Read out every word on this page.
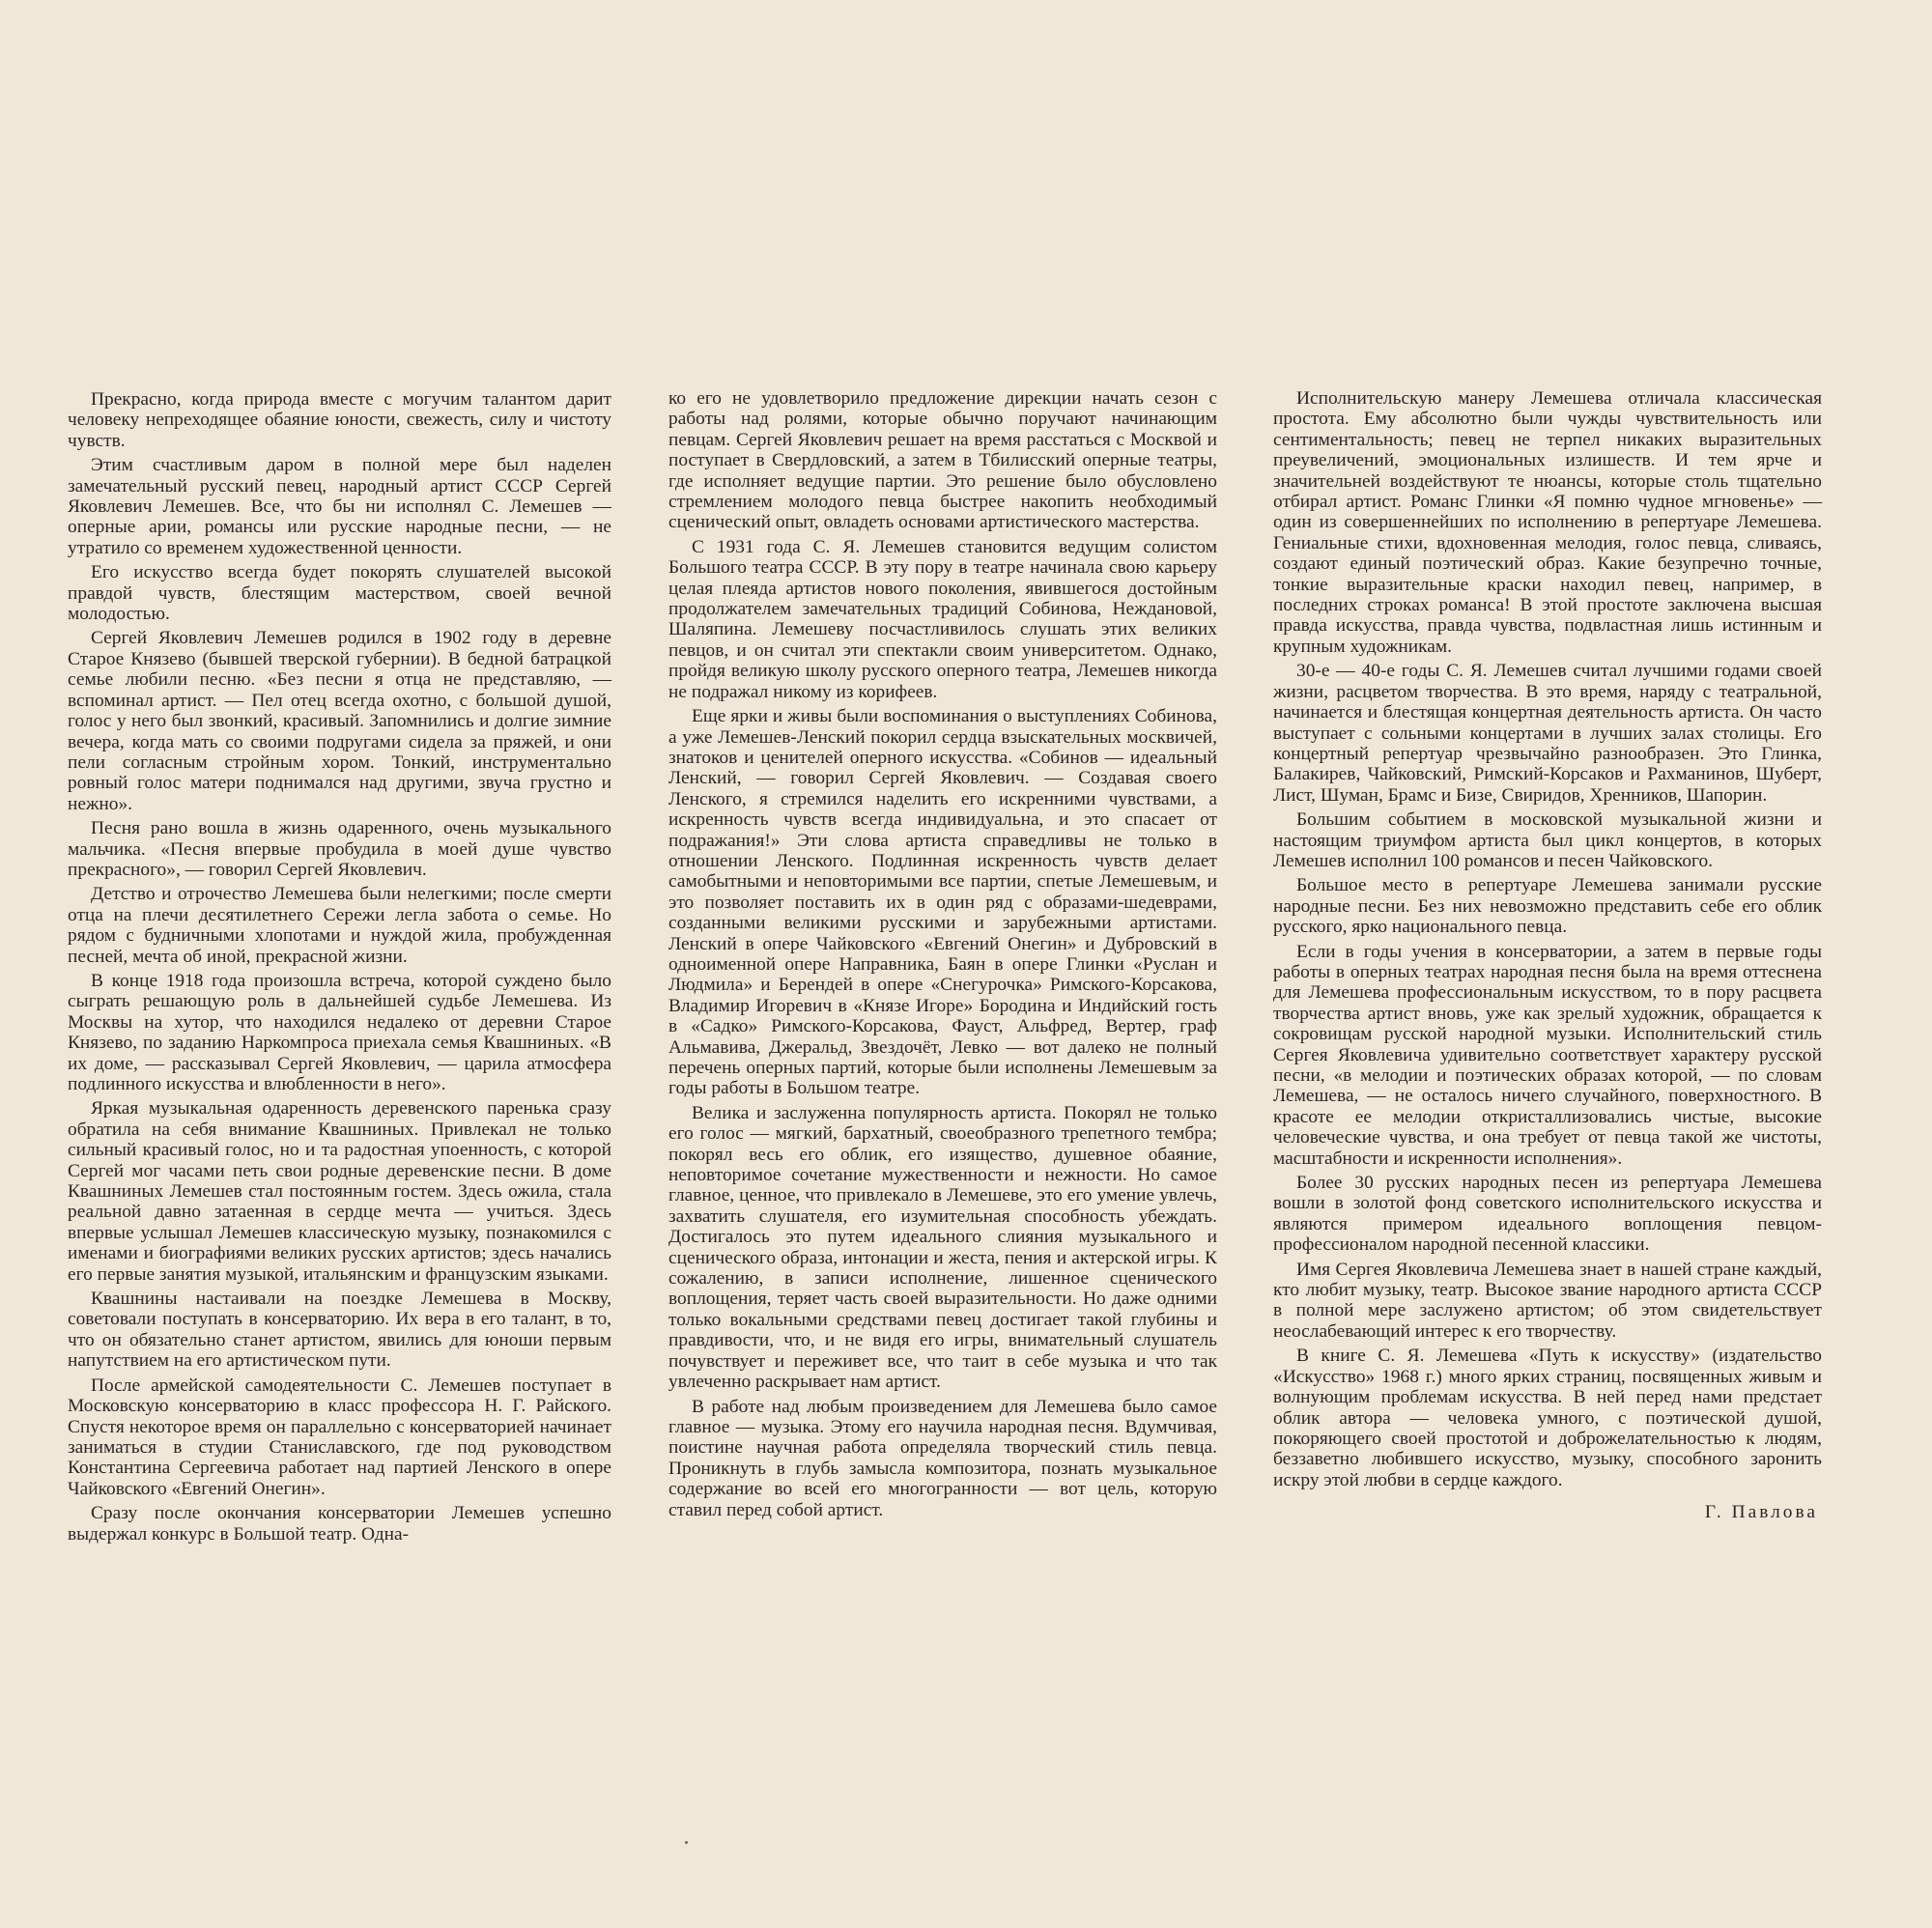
Прекрасно, когда природа вместе с могучим талантом дарит человеку непреходящее обаяние юности, свежесть, силу и чистоту чувств.

Этим счастливым даром в полной мере был наделен замечательный русский певец, народный артист СССР Сергей Яковлевич Лемешев. Все, что бы ни исполнял С. Лемешев — оперные арии, романсы или русские народные песни, — не утратило со временем художественной ценности.

Его искусство всегда будет покорять слушателей высокой правдой чувств, блестящим мастерством, своей вечной молодостью.

Сергей Яковлевич Лемешев родился в 1902 году в деревне Старое Князево (бывшей тверской губернии). В бедной батрацкой семье любили песню. «Без песни я отца не представляю, — вспоминал артист. — Пел отец всегда охотно, с большой душой, голос у него был звонкий, красивый. Запомнились и долгие зимние вечера, когда мать со своими подругами сидела за пряжей, и они пели согласным стройным хором. Тонкий, инструментально ровный голос матери поднимался над другими, звуча грустно и нежно».

Песня рано вошла в жизнь одаренного, очень музыкального мальчика. «Песня впервые пробудила в моей душе чувство прекрасного», — говорил Сергей Яковлевич.

Детство и отрочество Лемешева были нелегкими; после смерти отца на плечи десятилетнего Сережи легла забота о семье. Но рядом с будничными хлопотами и нуждой жила, пробужденная песней, мечта об иной, прекрасной жизни.

В конце 1918 года произошла встреча, которой суждено было сыграть решающую роль в дальнейшей судьбе Лемешева. Из Москвы на хутор, что находился недалеко от деревни Старое Князево, по заданию Наркомпроса приехала семья Квашниных. «В их доме, — рассказывал Сергей Яковлевич, — царила атмосфера подлинного искусства и влюбленности в него».

Яркая музыкальная одаренность деревенского паренька сразу обратила на себя внимание Квашниных. Привлекал не только сильный красивый голос, но и та радостная упоенность, с которой Сергей мог часами петь свои родные деревенские песни. В доме Квашниных Лемешев стал постоянным гостем. Здесь ожила, стала реальной давно затаенная в сердце мечта — учиться. Здесь впервые услышал Лемешев классическую музыку, познакомился с именами и биографиями великих русских артистов; здесь начались его первые занятия музыкой, итальянским и французским языками.

Квашнины настаивали на поездке Лемешева в Москву, советовали поступать в консерваторию. Их вера в его талант, в то, что он обязательно станет артистом, явились для юноши первым напутствием на его артистическом пути.

После армейской самодеятельности С. Лемешев поступает в Московскую консерваторию в класс профессора Н. Г. Райского. Спустя некоторое время он параллельно с консерваторией начинает заниматься в студии Станиславского, где под руководством Константина Сергеевича работает над партией Ленского в опере Чайковского «Евгений Онегин».

Сразу после окончания консерватории Лемешев успешно выдержал конкурс в Большой театр. Одна-

ко его не удовлетворило предложение дирекции начать сезон с работы над ролями, которые обычно поручают начинающим певцам. Сергей Яковлевич решает на время расстаться с Москвой и поступает в Свердловский, а затем в Тбилисский оперные театры, где исполняет ведущие партии. Это решение было обусловлено стремлением молодого певца быстрее накопить необходимый сценический опыт, овладеть основами артистического мастерства.

С 1931 года С. Я. Лемешев становится ведущим солистом Большого театра СССР. В эту пору в театре начинала свою карьеру целая плеяда артистов нового поколения, явившегося достойным продолжателем замечательных традиций Собинова, Неждановой, Шаляпина. Лемешеву посчастливилось слушать этих великих певцов, и он считал эти спектакли своим университетом. Однако, пройдя великую школу русского оперного театра, Лемешев никогда не подражал никому из корифеев.

Еще ярки и живы были воспоминания о выступлениях Собинова, а уже Лемешев-Ленский покорил сердца взыскательных москвичей, знатоков и ценителей оперного искусства. «Собинов — идеальный Ленский, — говорил Сергей Яковлевич. — Создавая своего Ленского, я стремился наделить его искренними чувствами, а искренность чувств всегда индивидуальна, и это спасает от подражания!» Эти слова артиста справедливы не только в отношении Ленского. Подлинная искренность чувств делает самобытными и неповторимыми все партии, спетые Лемешевым, и это позволяет поставить их в один ряд с образами-шедеврами, созданными великими русскими и зарубежными артистами. Ленский в опере Чайковского «Евгений Онегин» и Дубровский в одноименной опере Направника, Баян в опере Глинки «Руслан и Людмила» и Берендей в опере «Снегурочка» Римского-Корсакова, Владимир Игоревич в «Князе Игоре» Бородина и Индийский гость в «Садко» Римского-Корсакова, Фауст, Альфред, Вертер, граф Альмавива, Джеральд, Звездочёт, Левко — вот далеко не полный перечень оперных партий, которые были исполнены Лемешевым за годы работы в Большом театре.

Велика и заслуженна популярность артиста. Покорял не только его голос — мягкий, бархатный, своеобразного трепетного тембра; покорял весь его облик, его изящество, душевное обаяние, неповторимое сочетание мужественности и нежности. Но самое главное, ценное, что привлекало в Лемешеве, это его умение увлечь, захватить слушателя, его изумительная способность убеждать. Достигалось это путем идеального слияния музыкального и сценического образа, интонации и жеста, пения и актерской игры. К сожалению, в записи исполнение, лишенное сценического воплощения, теряет часть своей выразительности. Но даже одними только вокальными средствами певец достигает такой глубины и правдивости, что, и не видя его игры, внимательный слушатель почувствует и переживет все, что таит в себе музыка и что так увлеченно раскрывает нам артист.

В работе над любым произведением для Лемешева было самое главное — музыка. Этому его научила народная песня. Вдумчивая, поистине научная работа определяла творческий стиль певца. Проникнуть в глубь замысла композитора, познать музыкальное содержание во всей его многогранности — вот цель, которую ставил перед собой артист.

Исполнительскую манеру Лемешева отличала классическая простота. Ему абсолютно были чужды чувствительность или сентиментальность; певец не терпел никаких выразительных преувеличений, эмоциональных излишеств. И тем ярче и значительней воздействуют те нюансы, которые столь тщательно отбирал артист. Романс Глинки «Я помню чудное мгновенье» — один из совершеннейших по исполнению в репертуаре Лемешева. Гениальные стихи, вдохновенная мелодия, голос певца, сливаясь, создают единый поэтический образ. Какие безупречно точные, тонкие выразительные краски находил певец, например, в последних строках романса! В этой простоте заключена высшая правда искусства, правда чувства, подвластная лишь истинным и крупным художникам.

30-е — 40-е годы С. Я. Лемешев считал лучшими годами своей жизни, расцветом творчества. В это время, наряду с театральной, начинается и блестящая концертная деятельность артиста. Он часто выступает с сольными концертами в лучших залах столицы. Его концертный репертуар чрезвычайно разнообразен. Это Глинка, Балакирев, Чайковский, Римский-Корсаков и Рахманинов, Шуберт, Лист, Шуман, Брамс и Бизе, Свиридов, Хренников, Шапорин.

Большим событием в московской музыкальной жизни и настоящим триумфом артиста был цикл концертов, в которых Лемешев исполнил 100 романсов и песен Чайковского.

Большое место в репертуаре Лемешева занимали русские народные песни. Без них невозможно представить себе его облик русского, ярко национального певца.

Если в годы учения в консерватории, а затем в первые годы работы в оперных театрах народная песня была на время оттеснена для Лемешева профессиональным искусством, то в пору расцвета творчества артист вновь, уже как зрелый художник, обращается к сокровищам русской народной музыки. Исполнительский стиль Сергея Яковлевича удивительно соответствует характеру русской песни, «в мелодии и поэтических образах которой, — по словам Лемешева, — не осталось ничего случайного, поверхностного. В красоте ее мелодии откристаллизовались чистые, высокие человеческие чувства, и она требует от певца такой же чистоты, масштабности и искренности исполнения».

Более 30 русских народных песен из репертуара Лемешева вошли в золотой фонд советского исполнительского искусства и являются примером идеального воплощения певцом-профессионалом народной песенной классики.

Имя Сергея Яковлевича Лемешева знает в нашей стране каждый, кто любит музыку, театр. Высокое звание народного артиста СССР в полной мере заслужено артистом; об этом свидетельствует неослабевающий интерес к его творчеству.

В книге С. Я. Лемешева «Путь к искусству» (издательство «Искусство» 1968 г.) много ярких страниц, посвященных живым и волнующим проблемам искусства. В ней перед нами предстает облик автора — человека умного, с поэтической душой, покоряющего своей простотой и доброжелательностью к людям, беззаветно любившего искусство, музыку, способного заронить искру этой любви в сердце каждого.

Г. Павлова
